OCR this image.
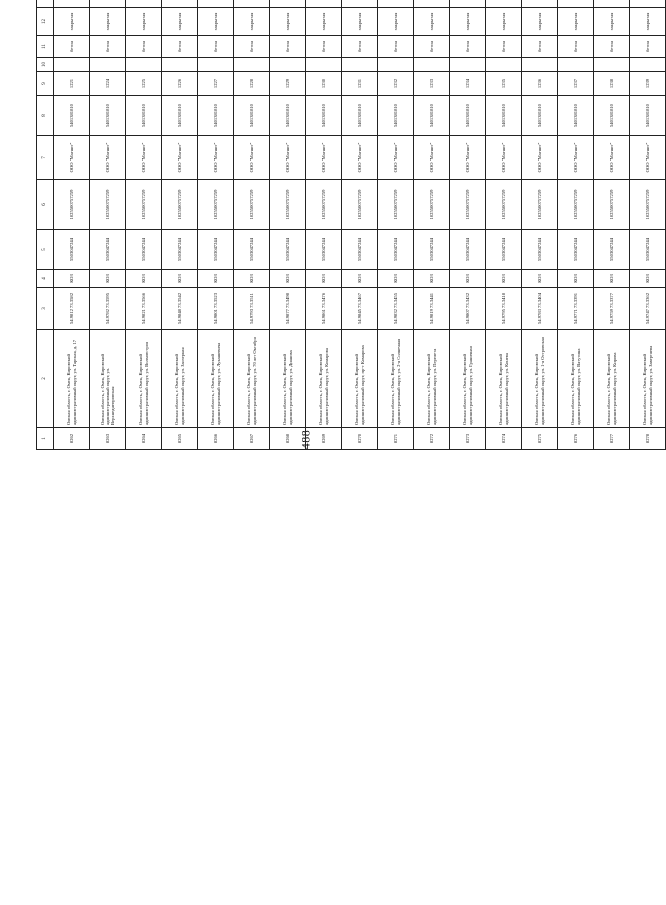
488
1	2	3	4	5	6	7	8	9	10	11	12											
8262	Омская область, г. Омск, Кировский административный округ, ул. Тарская, д. 17	54.9812 73.3582	КОЗ	5503047244	1025500757259	ООО "Магнит"	5401381810	1221		бетон	закрытая											
8263	Омская область, г. Омск, Кировский административный округ, ул. Верхнеднепровская	54.9782 73.3595	КОЗ	5503047244	1025500757259	ООО "Магнит"	5401381810	1224		бетон	закрытая											
8264	Омская область, г. Омск, Кировский административный округ, ул. Волховстроя	54.9821 73.3566	КОЗ	5503047244	1025500757259	ООО "Магнит"	5401381810	1225		бетон	закрытая											
8265	Омская область, г. Омск, Кировский административный округ, ул. Заозерная	54.9848 73.3542	КОЗ	5503047244	1025500757259	ООО "Магнит"	5401381810	1226		бетон	закрытая											
8266	Омская область, г. Омск, Кировский административный округ, ул. Лукашевича	54.9801 73.3523	КОЗ	5503047244	1025500757259	ООО "Магнит"	5401381810	1227		бетон	закрытая											
8267	Омская область, г. Омск, Кировский административный округ, ул. 70 лет Октября	54.9793 73.3511	КОЗ	5503047244	1025500757259	ООО "Магнит"	5401381810	1228		бетон	закрытая											
8268	Омская область, г. Омск, Кировский административный округ, ул. Дианова	54.9877 73.3498	КОЗ	5503047244	1025500757259	ООО "Магнит"	5401381810	1229		бетон	закрытая											
8269	Омская область, г. Омск, Кировский административный округ, ул. Комарова	54.9861 73.3476	КОЗ	5503047244	1025500757259	ООО "Магнит"	5401381810	1230		бетон	закрытая											
8270	Омская область, г. Омск, Кировский административный округ, пр-т Комарова	54.9845 73.3467	КОЗ	5503047244	1025500757259	ООО "Магнит"	5401381810	1231		бетон	закрытая											
8271	Омская область, г. Омск, Кировский административный округ, ул. 2-я Солнечная	54.9832 73.3455	КОЗ	5503047244	1025500757259	ООО "Магнит"	5401381810	1232		бетон	закрытая											
8272	Омская область, г. Омск, Кировский административный округ, ул. Перелета	54.9819 73.3441	КОЗ	5503047244	1025500757259	ООО "Магнит"	5401381810	1233		бетон	закрытая											
8273	Омская область, г. Омск, Кировский административный округ, ул. Граничная	54.9807 73.3432	КОЗ	5503047244	1025500757259	ООО "Магнит"	5401381810	1234		бетон	закрытая											
8274	Омская область, г. Омск, Кировский административный округ, ул. Конева	54.9795 73.3418	КОЗ	5503047244	1025500757259	ООО "Магнит"	5401381810	1235		бетон	закрытая											
8275	Омская область, г. Омск, Кировский административный округ, ул. 1-я Островская	54.9783 73.3404	КОЗ	5503047244	1025500757259	ООО "Магнит"	5401381810	1236		бетон	закрытая											
8276	Омская область, г. Омск, Кировский административный округ, ул. Ватутина	54.9771 73.3391	КОЗ	5503047244	1025500757259	ООО "Магнит"	5401381810	1237		бетон	закрытая											
8277	Омская область, г. Омск, Кировский административный округ, ул. Кирова	54.9759 73.3377	КОЗ	5503047244	1025500757259	ООО "Магнит"	5401381810	1238		бетон	закрытая											
8278	Омская область, г. Омск, Кировский административный округ, ул. Завертяева	54.9747 73.3362	КОЗ	5503047244	1025500757259	ООО "Магнит"	5401381810	1239		бетон	закрытая											
